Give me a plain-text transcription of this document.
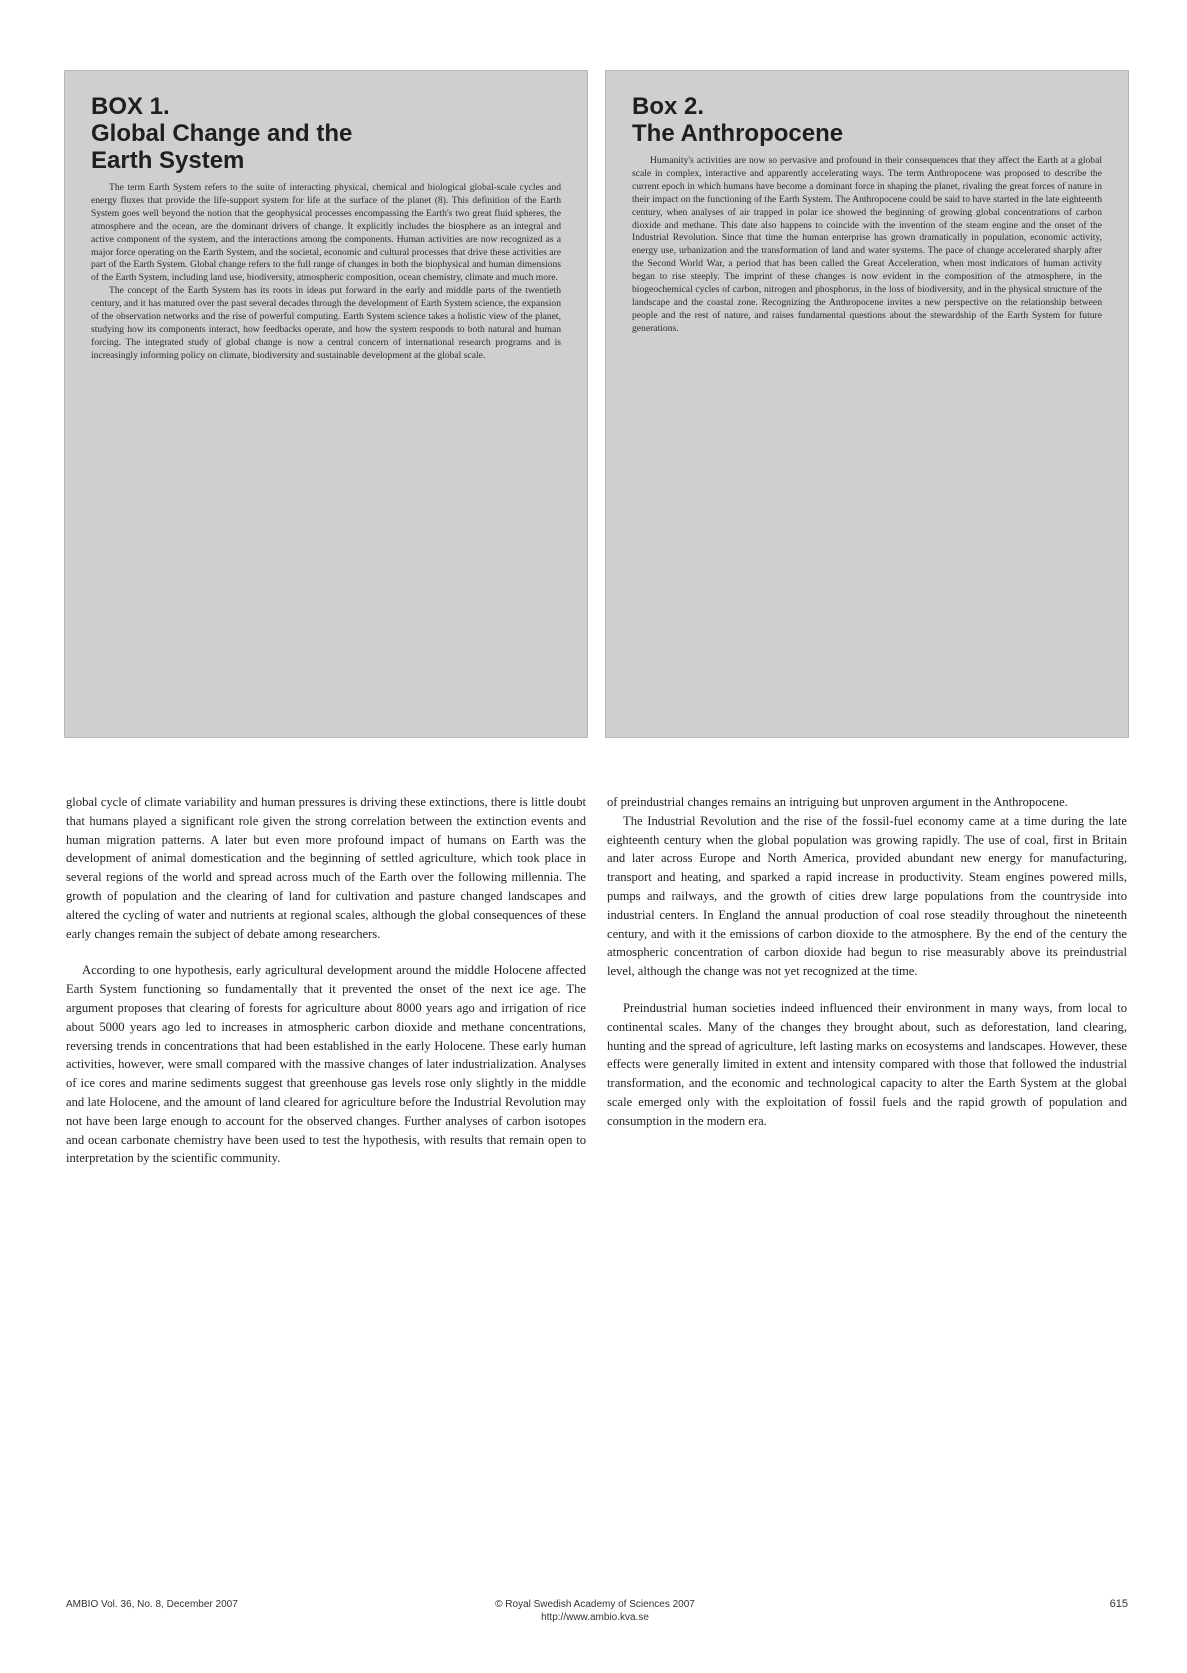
BOX 1.
Global Change and the
Earth System

The term Earth System refers to the suite of interacting physical, chemical and biological global-scale cycles and energy fluxes that provide the life-support system for life at the surface of the planet (8). This definition of the Earth System goes well beyond the notion that the geophysical processes encompassing the Earth's two great fluid spheres, the atmosphere and the ocean, are the dominant drivers of change. It explicitly includes the biosphere as an integral and active component of the system, and the interactions among the components. Human activities are now recognized as a major force operating on the Earth System, and the societal, economic and cultural processes that drive these activities are part of the Earth System. Global change refers to the full range of changes in both the biophysical and human dimensions of the Earth System, including land use, biodiversity, atmospheric composition, ocean chemistry, climate and much more.

The concept of the Earth System has its roots in ideas put forward in the early and middle parts of the twentieth century, and it has matured over the past several decades through the development of Earth System science, the expansion of the observation networks and the rise of powerful computing. Earth System science takes a holistic view of the planet, studying how its components interact, how feedbacks operate, and how the system responds to both natural and human forcing. The integrated study of global change is now a central concern of international research programs and is increasingly informing policy on climate, biodiversity and sustainable development at the global scale.

Box 2.
The Anthropocene

Humanity's activities are now so pervasive and profound in their consequences that they affect the Earth at a global scale in complex, interactive and apparently accelerating ways. The term Anthropocene was proposed to describe the current epoch in which humans have become a dominant force in shaping the planet, rivaling the great forces of nature in their impact on the functioning of the Earth System. The Anthropocene could be said to have started in the late eighteenth century, when analyses of air trapped in polar ice showed the beginning of growing global concentrations of carbon dioxide and methane. This date also happens to coincide with the invention of the steam engine and the onset of the Industrial Revolution. Since that time the human enterprise has grown dramatically in population, economic activity, energy use, urbanization and the transformation of land and water systems. The pace of change accelerated sharply after the Second World War, a period that has been called the Great Acceleration, when most indicators of human activity began to rise steeply. The imprint of these changes is now evident in the composition of the atmosphere, in the biogeochemical cycles of carbon, nitrogen and phosphorus, in the loss of biodiversity, and in the physical structure of the landscape and the coastal zone. Recognizing the Anthropocene invites a new perspective on the relationship between people and the rest of nature, and raises fundamental questions about the stewardship of the Earth System for future generations.

global cycle of climate variability and human pressures is driving these extinctions, there is little doubt that humans played a significant role given the strong correlation between the extinction events and human migration patterns. A later but even more profound impact of humans on Earth was the development of animal domestication and the beginning of settled agriculture, which took place in several regions of the world and spread across much of the Earth over the following millennia. The growth of population and the clearing of land for cultivation and pasture changed landscapes and altered the cycling of water and nutrients at regional scales, although the global consequences of these early changes remain the subject of debate among researchers.

According to one hypothesis, early agricultural development around the middle Holocene affected Earth System functioning so fundamentally that it prevented the onset of the next ice age. The argument proposes that clearing of forests for agriculture about 8000 years ago and irrigation of rice about 5000 years ago led to increases in atmospheric carbon dioxide and methane concentrations, reversing trends in concentrations that had been established in the early Holocene. These early human activities, however, were small compared with the massive changes of later industrialization. Analyses of ice cores and marine sediments suggest that greenhouse gas levels rose only slightly in the middle and late Holocene, and the amount of land cleared for agriculture before the Industrial Revolution may not have been large enough to account for the observed changes. Further analyses of carbon isotopes and ocean carbonate chemistry have been used to test the hypothesis, with results that remain open to interpretation by the scientific community.

of preindustrial changes remains an intriguing but unproven argument in the Anthropocene.

The Industrial Revolution and the rise of the fossil-fuel economy came at a time during the late eighteenth century when the global population was growing rapidly. The use of coal, first in Britain and later across Europe and North America, provided abundant new energy for manufacturing, transport and heating, and sparked a rapid increase in productivity. Steam engines powered mills, pumps and railways, and the growth of cities drew large populations from the countryside into industrial centers. In England the annual production of coal rose steadily throughout the nineteenth century, and with it the emissions of carbon dioxide to the atmosphere. By the end of the century the atmospheric concentration of carbon dioxide had begun to rise measurably above its preindustrial level, although the change was not yet recognized at the time.

Preindustrial human societies indeed influenced their environment in many ways, from local to continental scales. Many of the changes they brought about, such as deforestation, land clearing, hunting and the spread of agriculture, left lasting marks on ecosystems and landscapes. However, these effects were generally limited in extent and intensity compared with those that followed the industrial transformation, and the economic and technological capacity to alter the Earth System at the global scale emerged only with the exploitation of fossil fuels and the rapid growth of population and consumption in the modern era.

AMBIO Vol. 36, No. 8, December 2007	© Royal Swedish Academy of Sciences 2007
http://www.ambio.kva.se
615
